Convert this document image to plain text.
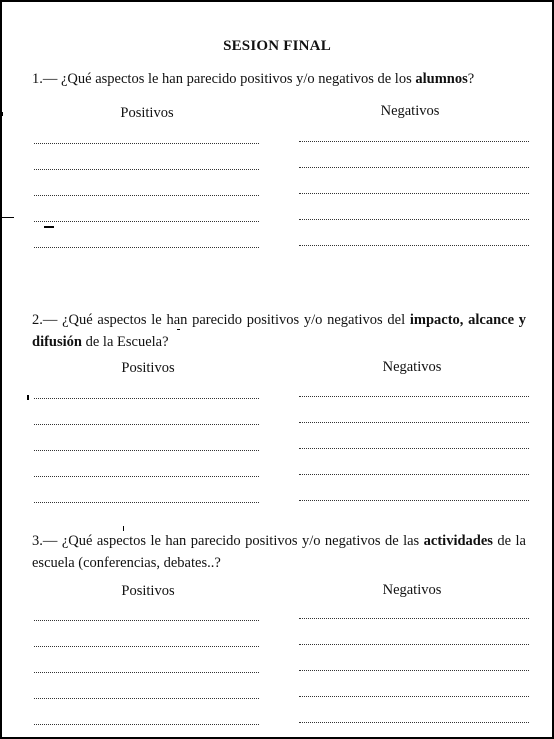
SESION FINAL
1.— ¿Qué aspectos le han parecido positivos y/o negativos de los alumnos?
Positivos	Negativos
2.— ¿Qué aspectos le han parecido positivos y/o negativos del impacto, alcance y difusión de la Escuela?
Positivos	Negativos
3.— ¿Qué aspectos le han parecido positivos y/o negativos de las actividades de la escuela (conferencias, debates..?
Positivos	Negativos
